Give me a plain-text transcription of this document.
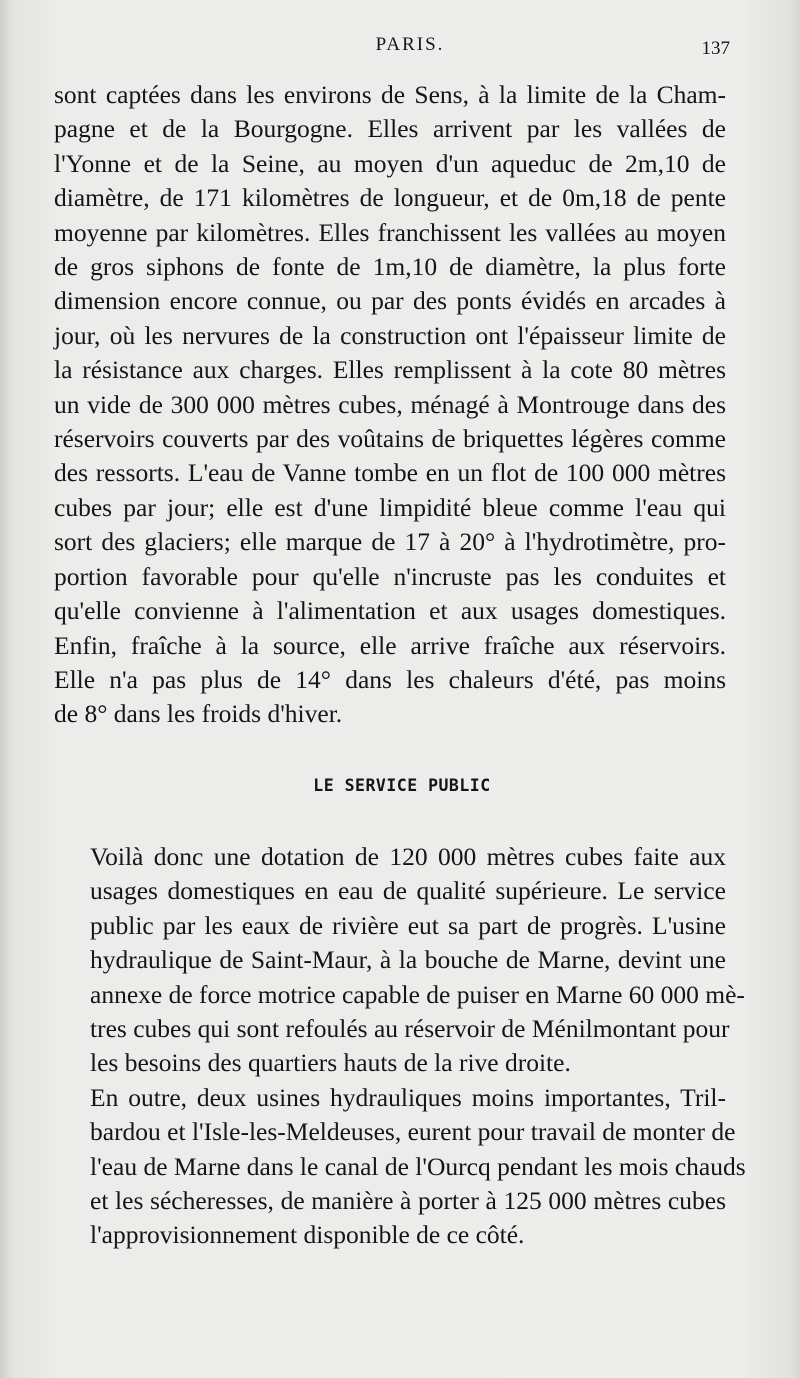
PARIS.	137

sont captées dans les environs de Sens, à la limite de la Cham-
pagne et de la Bourgogne. Elles arrivent par les vallées de
l'Yonne et de la Seine, au moyen d'un aqueduc de 2m,10 de
diamètre, de 171 kilomètres de longueur, et de 0m,18 de pente
moyenne par kilomètres. Elles franchissent les vallées au moyen
de gros siphons de fonte de 1m,10 de diamètre, la plus forte
dimension encore connue, ou par des ponts évidés en arcades à
jour, où les nervures de la construction ont l'épaisseur limite de
la résistance aux charges. Elles remplissent à la cote 80 mètres
un vide de 300 000 mètres cubes, ménagé à Montrouge dans des
réservoirs couverts par des voûtains de briquettes légères comme
des ressorts. L'eau de Vanne tombe en un flot de 100 000 mètres
cubes par jour; elle est d'une limpidité bleue comme l'eau qui
sort des glaciers; elle marque de 17 à 20° à l'hydrotimètre, pro-
portion favorable pour qu'elle n'incruste pas les conduites et
qu'elle convienne à l'alimentation et aux usages domestiques.
Enfin, fraîche à la source, elle arrive fraîche aux réservoirs.
Elle n'a pas plus de 14° dans les chaleurs d'été, pas moins
de 8° dans les froids d'hiver.

LE SERVICE PUBLIC

Voilà donc une dotation de 120 000 mètres cubes faite aux
usages domestiques en eau de qualité supérieure. Le service
public par les eaux de rivière eut sa part de progrès. L'usine
hydraulique de Saint-Maur, à la bouche de Marne, devint une
annexe de force motrice capable de puiser en Marne 60 000 mè-
tres cubes qui sont refoulés au réservoir de Ménilmontant pour
les besoins des quartiers hauts de la rive droite.

En outre, deux usines hydrauliques moins importantes, Tril-
bardou et l'Isle-les-Meldeuses, eurent pour travail de monter de
l'eau de Marne dans le canal de l'Ourcq pendant les mois chauds
et les sécheresses, de manière à porter à 125 000 mètres cubes
l'approvisionnement disponible de ce côté.
